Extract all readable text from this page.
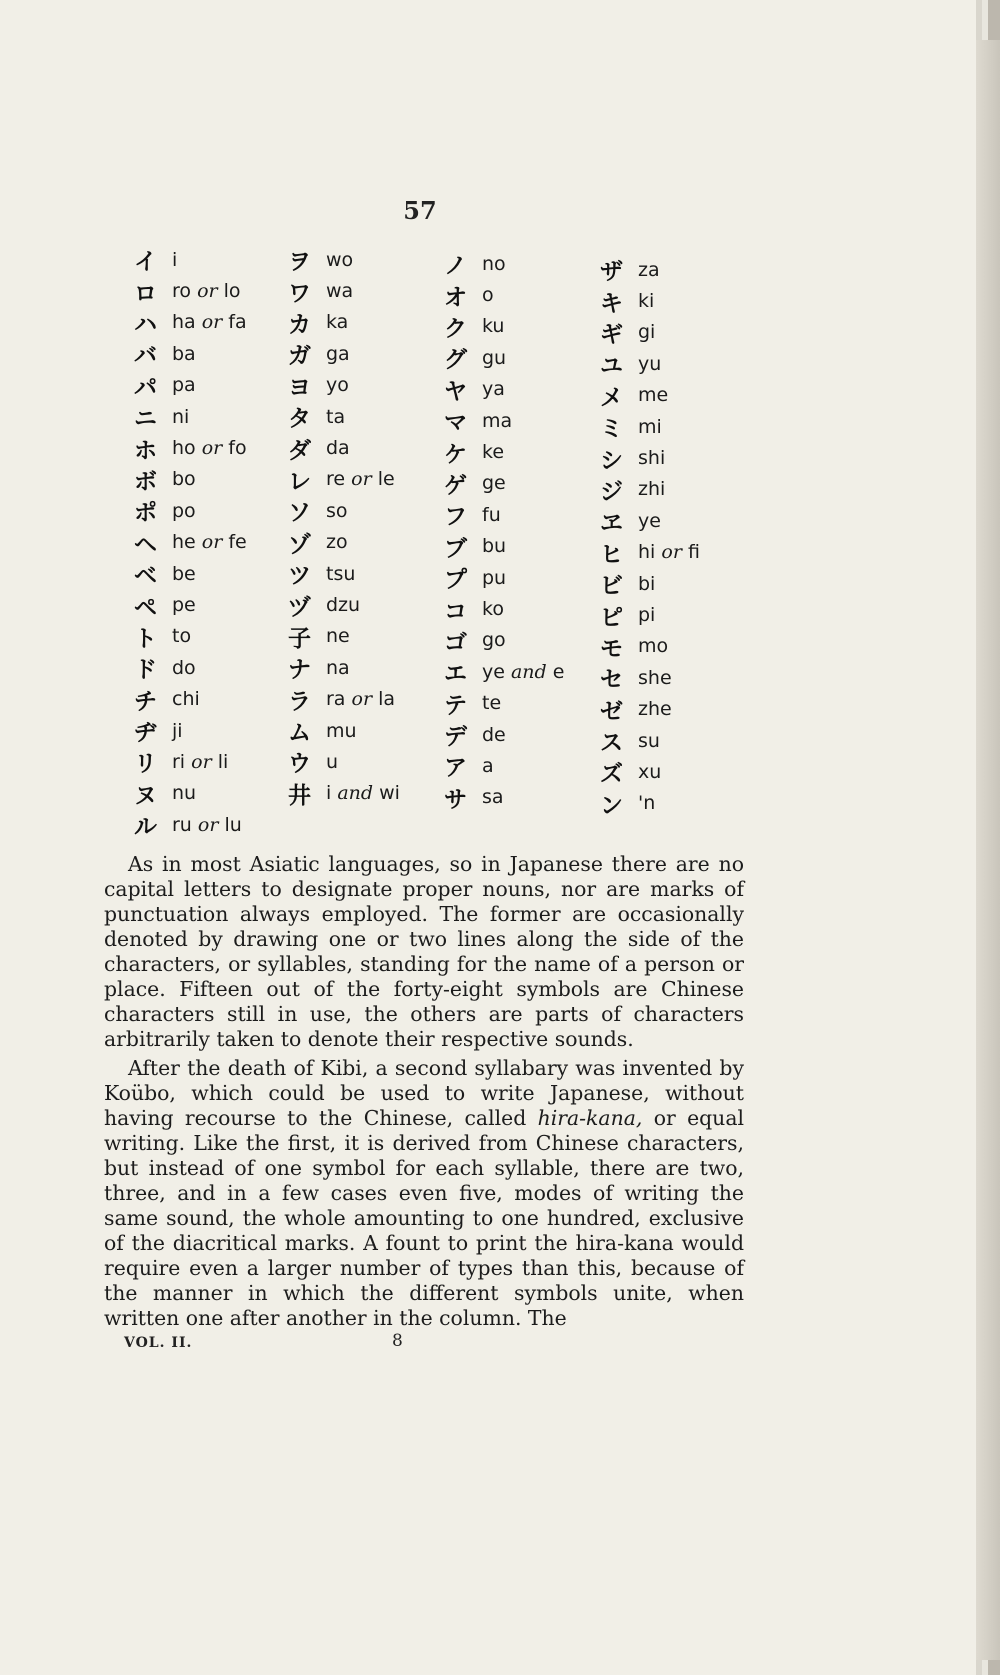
57
イ i
ロ ro or lo
ハ ha or fa
バ ba
パ pa
ニ ni
ホ ho or fo
ボ bo
ポ po
ヘ he or fe
ベ be
ペ pe
ト to
ド do
チ chi
ヂ ji
リ ri or li
ヌ nu
ル ru or lu
ヲ wo
ワ wa
カ ka
ガ ga
ヨ yo
タ ta
ダ da
レ re or le
ソ so
ゾ zo
ツ tsu
ヅ dzu
子 ne
ナ na
ラ ra or la
ム mu
ウ u
井 i and wi
ノ no
オ o
ク ku
グ gu
ヤ ya
マ ma
ケ ke
ゲ ge
フ fu
ブ bu
プ pu
コ ko
ゴ go
エ ye and e
テ te
デ de
ア a
サ sa
ザ za
キ ki
ギ gi
ユ yu
メ me
ミ mi
シ shi
ジ zhi
ヱ ye
ヒ hi or fi
ビ bi
ピ pi
モ mo
セ she
ゼ zhe
ス su
ズ xu
ン 'n

As in most Asiatic languages, so in Japanese there are no capital letters to designate proper nouns, nor are marks of punctuation always employed. The former are occasionally denoted by drawing one or two lines along the side of the characters, or syllables, standing for the name of a person or place. Fifteen out of the forty-eight symbols are Chinese characters still in use, the others are parts of characters arbitrarily taken to denote their respective sounds.

After the death of Kibi, a second syllabary was invented by Koübo, which could be used to write Japanese, without having recourse to the Chinese, called hira-kana, or equal writing. Like the first, it is derived from Chinese characters, but instead of one symbol for each syllable, there are two, three, and in a few cases even five, modes of writing the same sound, the whole amounting to one hundred, exclusive of the diacritical marks. A fount to print the hira-kana would require even a larger number of types than this, because of the manner in which the different symbols unite, when written one after another in the column. The

VOL. II.	8
